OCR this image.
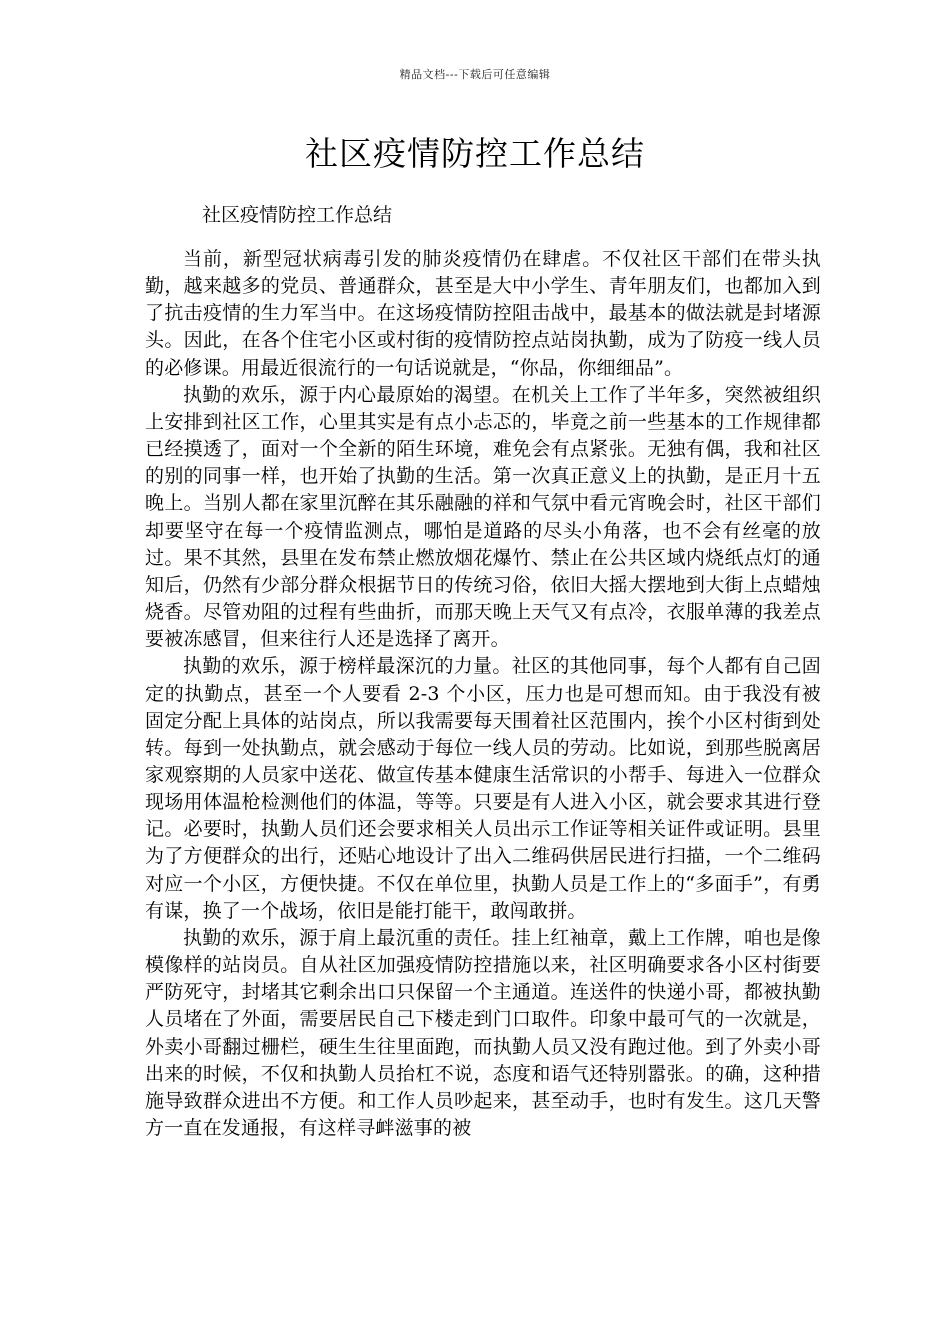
精品文档---下载后可任意编辑
社区疫情防控工作总结

社区疫情防控工作总结

当前，新型冠状病毒引发的肺炎疫情仍在肆虐。不仅社区干部们在带头执勤，越来越多的党员、普通群众，甚至是大中小学生、青年朋友们，也都加入到了抗击疫情的生力军当中。在这场疫情防控阻击战中，最基本的做法就是封堵源头。因此，在各个住宅小区或村街的疫情防控点站岗执勤，成为了防疫一线人员的必修课。用最近很流行的一句话说就是，“你品，你细细品”。

执勤的欢乐，源于内心最原始的渴望。在机关上工作了半年多，突然被组织上安排到社区工作，心里其实是有点小忐忑的，毕竟之前一些基本的工作规律都已经摸透了，面对一个全新的陌生环境，难免会有点紧张。无独有偶，我和社区的别的同事一样，也开始了执勤的生活。第一次真正意义上的执勤，是正月十五晚上。当别人都在家里沉醉在其乐融融的祥和气氛中看元宵晚会时，社区干部们却要坚守在每一个疫情监测点，哪怕是道路的尽头小角落，也不会有丝毫的放过。果不其然，县里在发布禁止燃放烟花爆竹、禁止在公共区域内烧纸点灯的通知后，仍然有少部分群众根据节日的传统习俗，依旧大摇大摆地到大街上点蜡烛烧香。尽管劝阻的过程有些曲折，而那天晚上天气又有点冷，衣服单薄的我差点要被冻感冒，但来往行人还是选择了离开。

执勤的欢乐，源于榜样最深沉的力量。社区的其他同事，每个人都有自己固定的执勤点，甚至一个人要看 2-3 个小区，压力也是可想而知。由于我没有被固定分配上具体的站岗点，所以我需要每天围着社区范围内，挨个小区村街到处转。每到一处执勤点，就会感动于每位一线人员的劳动。比如说，到那些脱离居家观察期的人员家中送花、做宣传基本健康生活常识的小帮手、每进入一位群众现场用体温枪检测他们的体温，等等。只要是有人进入小区，就会要求其进行登记。必要时，执勤人员们还会要求相关人员出示工作证等相关证件或证明。县里为了方便群众的出行，还贴心地设计了出入二维码供居民进行扫描，一个二维码对应一个小区，方便快捷。不仅在单位里，执勤人员是工作上的“多面手”，有勇有谋，换了一个战场，依旧是能打能干，敢闯敢拼。

执勤的欢乐，源于肩上最沉重的责任。挂上红袖章，戴上工作牌，咱也是像模像样的站岗员。自从社区加强疫情防控措施以来，社区明确要求各小区村街要严防死守，封堵其它剩余出口只保留一个主通道。连送件的快递小哥，都被执勤人员堵在了外面，需要居民自己下楼走到门口取件。印象中最可气的一次就是，外卖小哥翻过栅栏，硬生生往里面跑，而执勤人员又没有跑过他。到了外卖小哥出来的时候，不仅和执勤人员抬杠不说，态度和语气还特别嚣张。的确，这种措施导致群众进出不方便。和工作人员吵起来，甚至动手，也时有发生。这几天警方一直在发通报，有这样寻衅滋事的被
